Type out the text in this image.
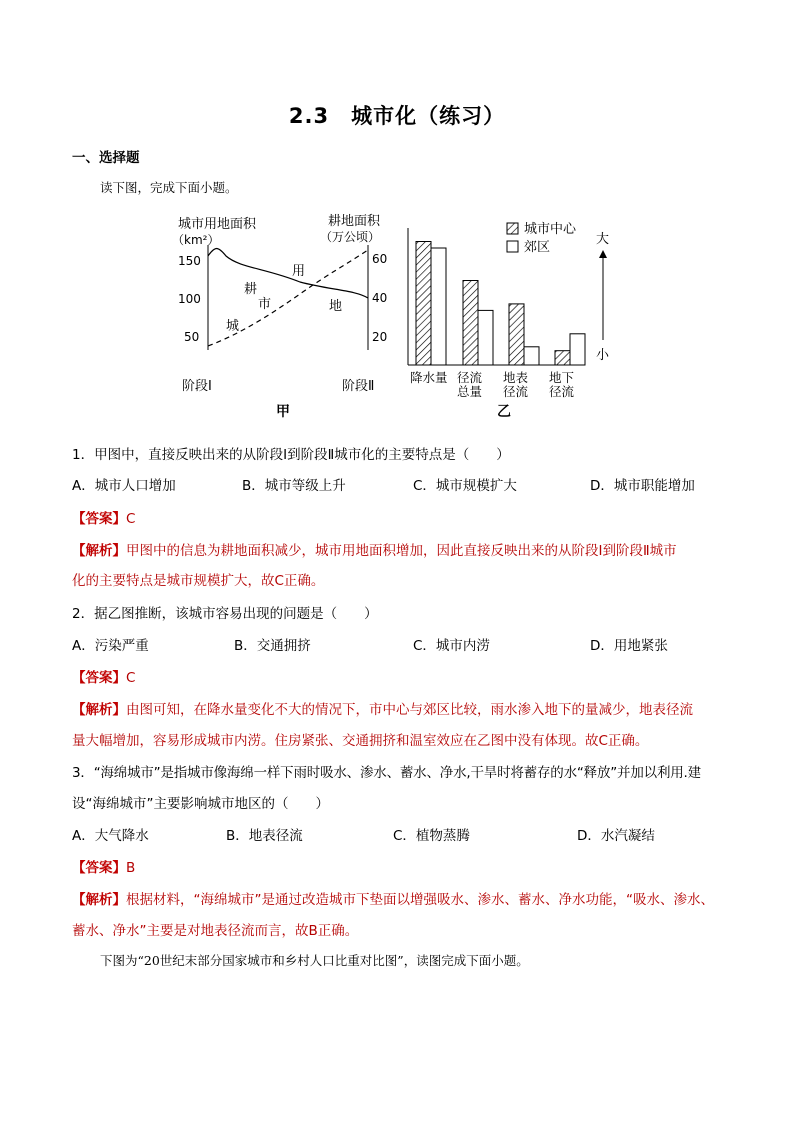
2.3　城市化（练习）
一、选择题
读下图，完成下面小题。
城市用地面积
（km²）
耕地面积
（万公顷）
150
100
50
60
40
20
耕
地
用
城
市
阶段Ⅰ	阶段Ⅱ
甲
城市中心
郊区
大
小
降水量 径流
总量
地表
径流
地下
径流
乙
1．甲图中，直接反映出来的从阶段Ⅰ到阶段Ⅱ城市化的主要特点是（　　）
A．城市人口增加	B．城市等级上升	C．城市规模扩大	D．城市职能增加
【答案】C
【解析】甲图中的信息为耕地面积减少，城市用地面积增加，因此直接反映出来的从阶段Ⅰ到阶段Ⅱ城市
化的主要特点是城市规模扩大，故C正确。
2．据乙图推断，该城市容易出现的问题是（　　）
A．污染严重	B．交通拥挤	C．城市内涝	D．用地紧张
【答案】C
【解析】由图可知，在降水量变化不大的情况下，市中心与郊区比较，雨水渗入地下的量减少，地表径流
量大幅增加，容易形成城市内涝。住房紧张、交通拥挤和温室效应在乙图中没有体现。故C正确。
3．“海绵城市”是指城市像海绵一样下雨时吸水、渗水、蓄水、净水,干旱时将蓄存的水“释放”并加以利用.建
设“海绵城市”主要影响城市地区的（　　）
A．大气降水	B．地表径流	C．植物蒸腾	D．水汽凝结
【答案】B
【解析】根据材料，“海绵城市”是通过改造城市下垫面以增强吸水、渗水、蓄水、净水功能，“吸水、渗水、
蓄水、净水”主要是对地表径流而言，故B正确。
下图为“20世纪末部分国家城市和乡村人口比重对比图”，读图完成下面小题。
